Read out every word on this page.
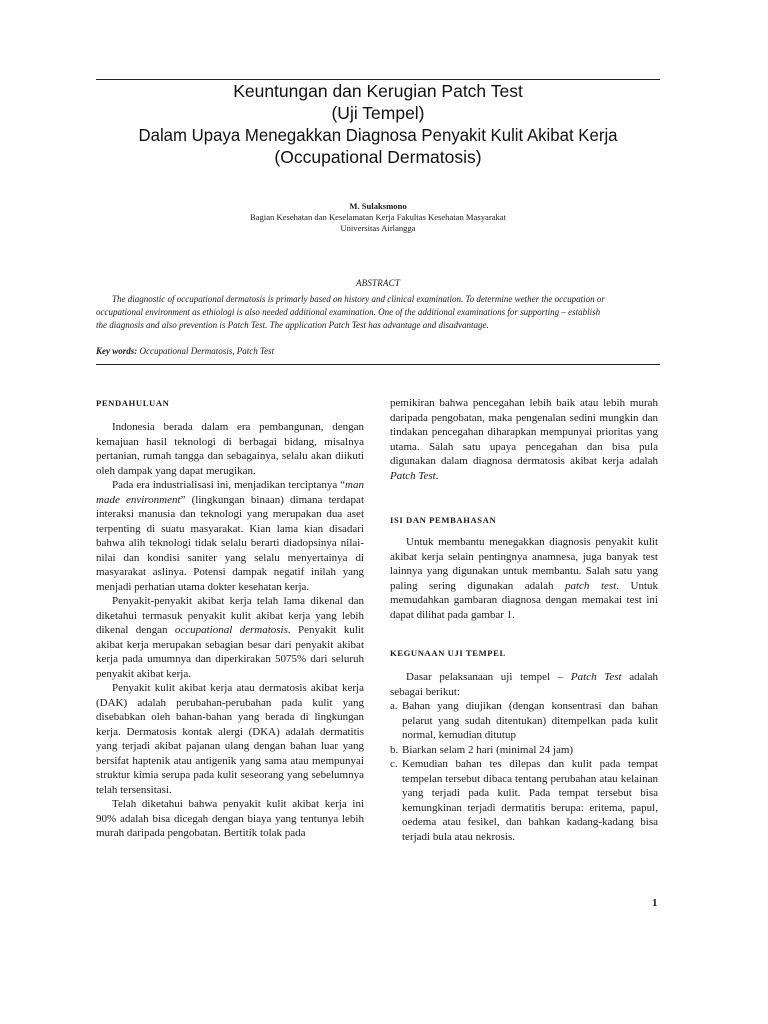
Keuntungan dan Kerugian Patch Test
(Uji Tempel)
Dalam Upaya Menegakkan Diagnosa Penyakit Kulit Akibat Kerja
(Occupational Dermatosis)
M. Sulaksmono
Bagian Kesehatan dan Keselamatan Kerja Fakultas Kesehatan Masyarakat
Universitas Airlangga
ABSTRACT
The diagnostic of occupational dermatosis is primarly based on history and clinical examination. To determine wether the occupation or
occupational environment as ethiologi is also needed additional examination. One of the additional examinations for supporting – establish
the diagnosis and also prevention is Patch Test. The application Patch Test has advantage and disadvantage.
Key words: Occupational Dermatosis, Patch Test
PENDAHULUAN

Indonesia berada dalam era pembangunan, dengan kemajuan hasil teknologi di berbagai bidang, misalnya pertanian, rumah tangga dan sebagainya, selalu akan diikuti oleh dampak yang dapat merugikan.

Pada era industrialisasi ini, menjadikan terciptanya “man made environment” (lingkungan binaan) dimana terdapat interaksi manusia dan teknologi yang merupakan dua aset terpenting di suatu masyarakat. Kian lama kian disadari bahwa alih teknologi tidak selalu berarti diadopsinya nilai-nilai dan kondisi saniter yang selalu menyertainya di masyarakat aslinya. Potensi dampak negatif inilah yang menjadi perhatian utama dokter kesehatan kerja.

Penyakit-penyakit akibat kerja telah lama dikenal dan diketahui termasuk penyakit kulit akibat kerja yang lebih dikenal dengan occupational dermatosis. Penyakit kulit akibat kerja merupakan sebagian besar dari penyakit akibat kerja pada umumnya dan diperkirakan 5075% dari seluruh penyakit akibat kerja.

Penyakit kulit akibat kerja atau dermatosis akibat kerja (DAK) adalah perubahan-perubahan pada kulit yang disebabkan oleh bahan-bahan yang berada di lingkungan kerja. Dermatosis kontak alergi (DKA) adalah dermatitis yang terjadi akibat pajanan ulang dengan bahan luar yang bersifat haptenik atau antigenik yang sama atau mempunyai struktur kimia serupa pada kulit seseorang yang sebelumnya telah tersensitasi.

Telah diketahui bahwa penyakit kulit akibat kerja ini 90% adalah bisa dicegah dengan biaya yang tentunya lebih murah daripada pengobatan. Bertitik tolak pada

pemikiran bahwa pencegahan lebih baik atau lebih murah daripada pengobatan, maka pengenalan sedini mungkin dan tindakan pencegahan diharapkan mempunyai prioritas yang utama. Salah satu upaya pencegahan dan bisa pula digunakan dalam diagnosa dermatosis akibat kerja adalah Patch Test.

ISI DAN PEMBAHASAN

Untuk membantu menegakkan diagnosis penyakit kulit akibat kerja selain pentingnya anamnesa, juga banyak test lainnya yang digunakan untuk membantu. Salah satu yang paling sering digunakan adalah patch test. Untuk memudahkan gambaran diagnosa dengan memakai test ini dapat dilihat pada gambar 1.

KEGUNAAN UJI TEMPEL

Dasar pelaksanaan uji tempel – Patch Test adalah sebagai berikut:

a. Bahan yang diujikan (dengan konsentrasi dan bahan pelarut yang sudah ditentukan) ditempelkan pada kulit normal, kemudian ditutup
b. Biarkan selam 2 hari (minimal 24 jam)
c. Kemudian bahan tes dilepas dan kulit pada tempat tempelan tersebut dibaca tentang perubahan atau kelainan yang terjadi pada kulit. Pada tempat tersebut bisa kemungkinan terjadi dermatitis berupa: eritema, papul, oedema atau fesikel, dan bahkan kadang-kadang bisa terjadi bula atau nekrosis.
1
